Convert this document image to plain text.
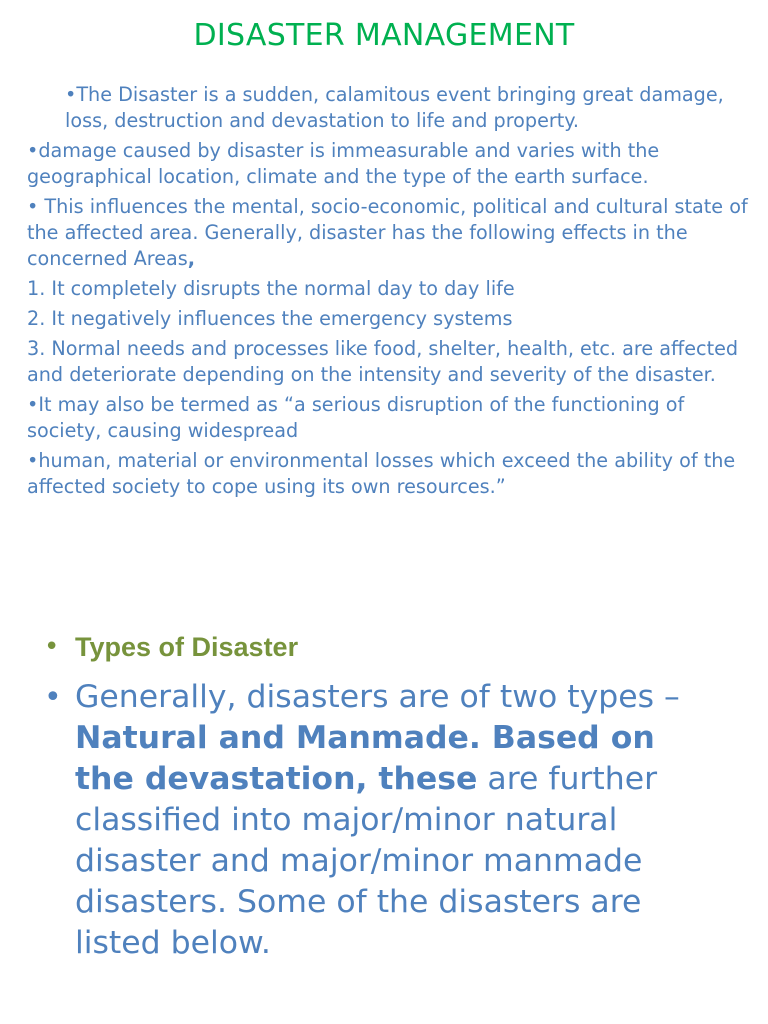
DISASTER MANAGEMENT

•The Disaster is a sudden, calamitous event bringing great damage, loss, destruction and devastation to life and property.

•damage caused by disaster is immeasurable and varies with the geographical location, climate and the type of the earth surface.

• This influences the mental, socio-economic, political and cultural state of the affected area. Generally, disaster has the following effects in the concerned Areas,

1. It completely disrupts the normal day to day life

2. It negatively influences the emergency systems

3. Normal needs and processes like food, shelter, health, etc. are affected and deteriorate depending on the intensity and severity of the disaster.

•It may also be termed as “a serious disruption of the functioning of society, causing widespread

•human, material or environmental losses which exceed the ability of the affected society to cope using its own resources.”

• Types of Disaster
• Generally, disasters are of two types – Natural and Manmade. Based on the devastation, these are further classified into major/minor natural disaster and major/minor manmade disasters. Some of the disasters are listed below.
